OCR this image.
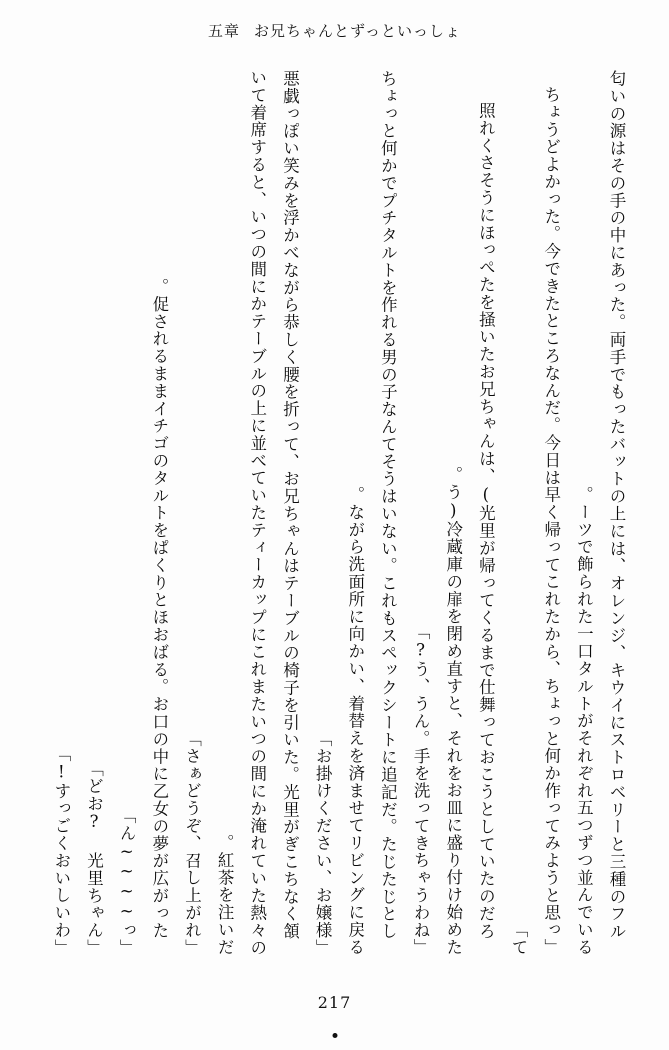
五章 お兄ちゃんとずっといっしょ

匂いの源はその手の中にあった。両手でもったバットの上には、オレンジ、キウイにストロベリーと三種のフルーツで飾られた一口タルトがそれぞれ五つずつ並んでいる。

「ちょうどよかった。今できたところなんだ。今日は早く帰ってこれたから、ちょっと何か作ってみようと思って」

照れくさそうにほっぺたを掻いたお兄ちゃんは、(光里が帰ってくるまで仕舞っておこうとしていたのだろう)冷蔵庫の扉を閉め直すと、それをお皿に盛り付け始めた。

「う、うん。手を洗ってきちゃうわね?」

ちょっと何かでプチタルトを作れる男の子なんてそうはいない。これもスペックシートに追記だ。たじたじとしながら洗面所に向かい、着替えを済ませてリビングに戻る。

「お掛けください、お嬢様」

悪戯っぽい笑みを浮かべながら恭しく腰を折って、お兄ちゃんはテーブルの椅子を引いた。光里がぎこちなく頷いて着席すると、いつの間にかテーブルの上に並べていたティーカップにこれまたいつの間にか淹れていた熱々の紅茶を注いだ。

「さぁどうぞ、召し上がれ」

促されるままイチゴのタルトをぱくりとほおばる。お口の中に乙女の夢が広がった。

「ん~~~~っ」

「どお? 光里ちゃん」

「すっごくおいしいわ!」

217
